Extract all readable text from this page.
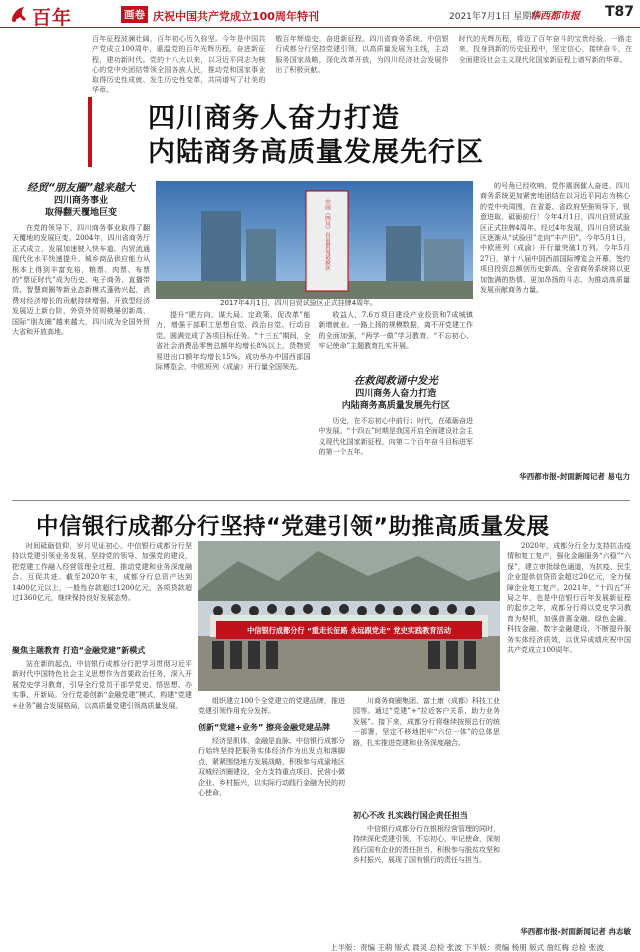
百年	画卷 庆祝中国共产党成立100周年特刊	2021年7月1日 星期四
华西都市报 T87
百年征程波澜壮阔，百年初心历久弥坚。今年是中国共产党成立100周年，重温党的百年光辉历程，奋进新征程，建功新时代。党的十八大以来，以习近平同志为核心的党中央团结带领全国各族人民，推动党和国家事业取得历史性成就、发生历史性变革，共同谱写了壮美的华章。
敬百年辉煌史，奋进新征程。四川省商务系统、中信银行成都分行坚持党建引领，以高质量发展为主线，主动服务国家战略，深化改革开放，为四川经济社会发展作出了积极贡献。
时代的光辉历程，将迈了百年奋斗的宝贵经验。一路走来，投身到新的历史征程中，坚定信心，接续奋斗，在全面建设社会主义现代化国家新征程上谱写新的华章。
四川商务人奋力打造
内陆商务高质量发展先行区
经贸“朋友圈”越来越大
四川商务事业
取得翻天覆地巨变
在党的领导下，四川商务事业取得了翻天覆地的发展巨变。2004年，四川省商务厅正式成立，发展加速驶入快车道。内贸流通现代化水平快速提升。城乡商品供应能力从根本上得到丰富充裕，粮票、肉票、布票的“票证时代”成为历史。电子商务、直播带货、智慧商圈等新业态新模式蓬勃兴起，消费对经济增长的贡献持续增强。开放型经济发展迈上新台阶，外资外贸规模屡创新高，国际“朋友圈”越来越大，四川成为全国外贸大省和开放高地。
中国（四川）自由贸易试验区
2017年4月1日，四川自贸试验区正式挂牌4周年。
提升“肥方向、谋大局、定政策、促改革”能力，增强干部职工思想自觉、政治自觉、行动自觉。圆满完成了各项目标任务。“十三五”期间，全省社会消费品零售总额年均增长8%以上，货物贸易进出口额年均增长15%。成功举办中国西部国际博览会，中欧班列（成渝）开行量全国领先。
收益人，7.6万项目建设产业投资和7成城镇新增就业。一路上扬的规模数据，离不开党建工作的全面加强，“两学一做”学习教育、“不忘初心、牢记使命”主题教育扎实开展。
在救阅救诵中发光
四川商务人奋力打造
内陆商务高质量发展先行区
历史，在不忘初心中前行；时代，在砥砺奋进中发展。“十四五”时期是我国开启全面建设社会主义现代化国家新征程，向第二个百年奋斗目标进军的第一个五年。
的号角已经吹响，党作震润催人奋进。四川商务系统更加紧密地团结在以习近平同志为核心的党中央周围，在省委、省政府坚强领导下，锐意进取、砥砺前行！今年4月1日，四川自贸试验区正式挂牌4周年。经过4年发展，四川自贸试验区逐渐从“试验田”走向“丰产田”。今年5月1日，中欧班列（成渝）开行量突破1万列。今年5月27日，第十八届中国西部国际博览会开幕，签约项目投资总额创历史新高。全省商务系统将以更加饱满的热情、更加昂扬的斗志，为推动高质量发展贡献商务力量。
华西都市报-封面新闻记者 易屯力
中信银行成都分行坚持“党建引领”助推高质量发展
时间砥砺信仰，岁月见证初心。中信银行成都分行坚持以党建引领业务发展，坚持党的领导、加强党的建设，把党建工作融入经营管理全过程，推动党建和业务深度融合、互促共进。截至2020年末，成都分行总资产达到1400亿元以上，一般性存款超过1200亿元，各项贷款超过1360亿元，继续保持良好发展态势。
聚焦主题教育 打造“金融党建”新模式
站在新的起点，中信银行成都分行把学习贯彻习近平新时代中国特色社会主义思想作为首要政治任务，深入开展党史学习教育，引导全行党员干部学党史、悟思想、办实事、开新局。分行党委创新“金融党建”模式，构建“党建+业务”融合发展格局，以高质量党建引领高质量发展。
中信银行成都分行 “重走长征路 永远跟党走” 党史实践教育活动
组织建立100个全党建立的党建品牌，推进党建引领作用充分发挥。
创新“党建+业务” 擦亮金融党建品牌
经济是肌体，金融是血脉。中信银行成都分行始终坚持把服务实体经济作为出发点和落脚点，紧紧围绕地方发展战略，积极参与成渝地区双城经济圈建设，全力支持重点项目、民营小微企业、乡村振兴，以实际行动践行金融为民的初心使命。
川商务商圈集团、富士康（成都）科技工业园等。通过“党建”+“拉近客户关系，助力业务发展”。接下来，成都分行将继续按照总行的统一部署，坚定不移地把牢“六位一体”的总体思路，扎实推进党建和业务深度融合。
初心不改 扎实践行国企责任担当
中信银行成都分行在银根经营管理的同时，持续深化党建引领，不忘初心，牢记使命，深刻践行国有企业的责任担当，积极参与脱贫攻坚和乡村振兴，展现了国有银行的责任与担当。
2020年，成都分行全力支持抗击疫情和复工复产，强化金融服务“六稳”“六保”，建立审批绿色通道，为抗疫、民生企业提供信贷资金超过20亿元，全力保障企业复工复产。2021年，“十四五”开局之年，也是中信银行百年发展新征程的起步之年，成都分行将以党史学习教育为契机，加强普惠金融、绿色金融、科技金融、数字金融建设，不断提升服务实体经济质效，以优异成绩庆祝中国共产党成立100周年。
华西都市报-封面新闻记者 冉志敏
上半版：责编 王萌 版式 晨灵 总检 张波 下半版：责编 杨朋 版式 詹红梅 总检 张波
